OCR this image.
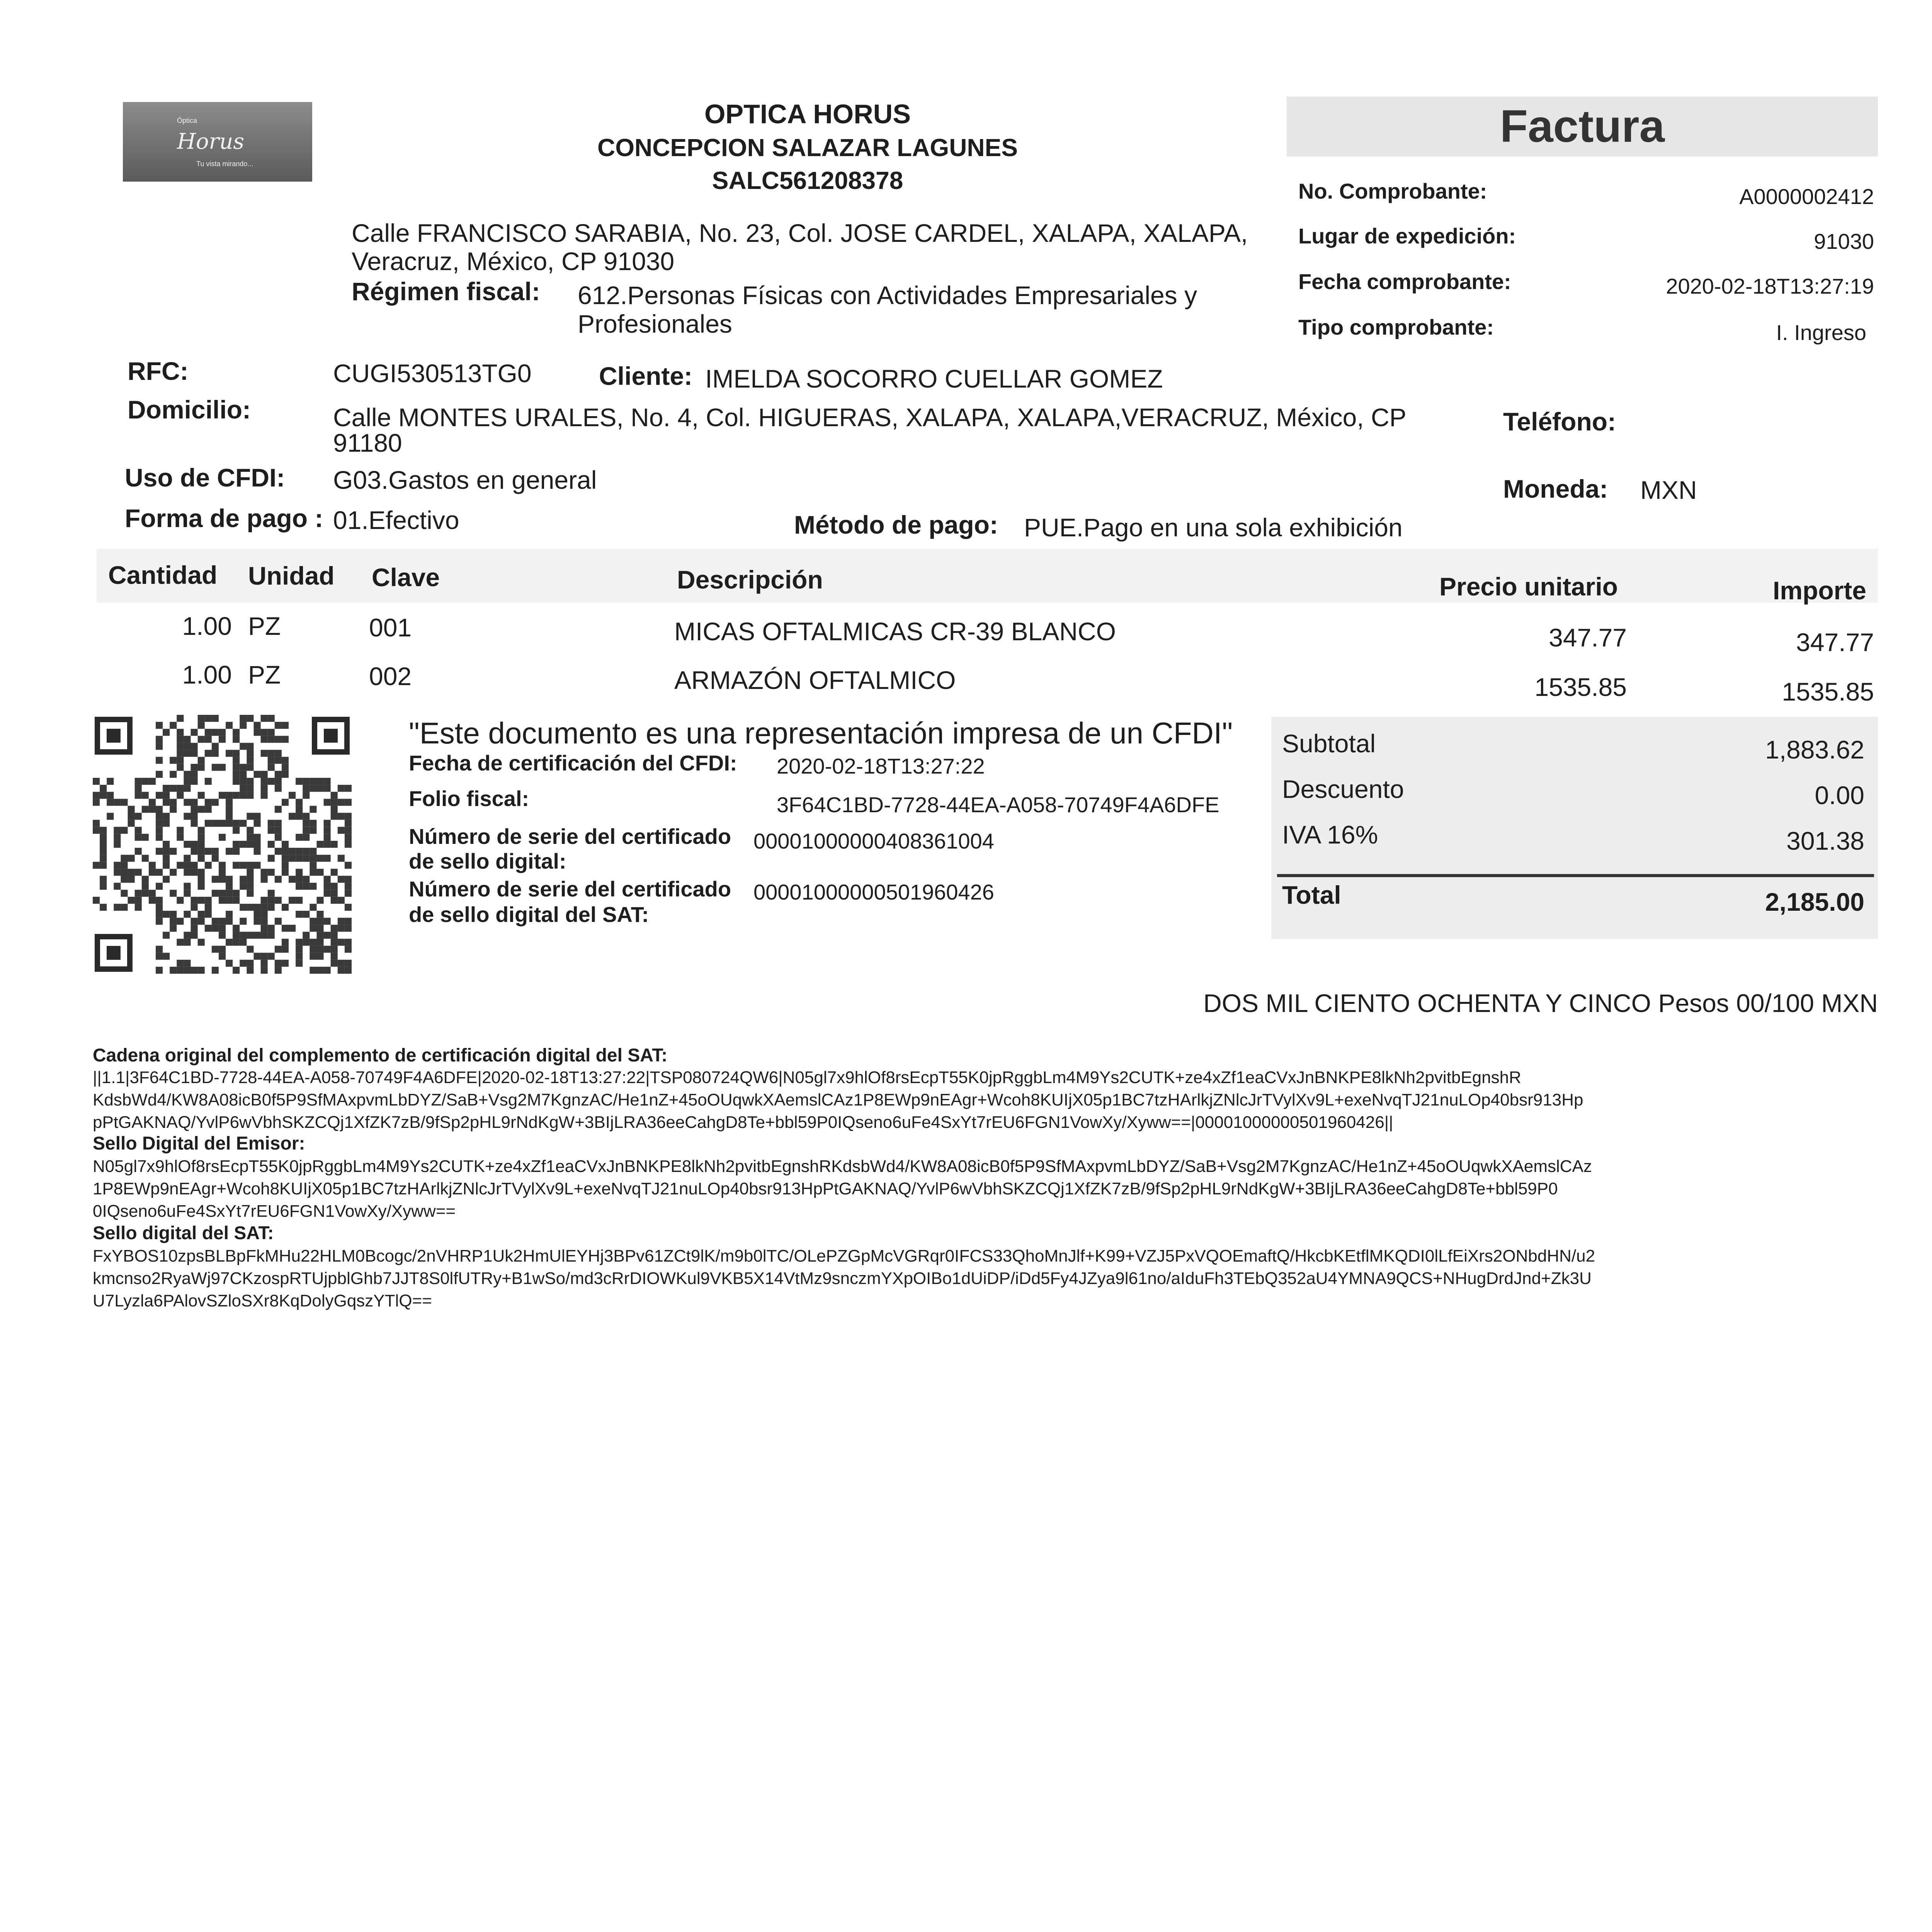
Óptica
Horus
Tu vista mirando...
OPTICA HORUS
CONCEPCION SALAZAR LAGUNES
SALC561208378
Calle FRANCISCO SARABIA, No. 23, Col. JOSE CARDEL, XALAPA, XALAPA,
Veracruz, México, CP 91030
Régimen fiscal: 612.Personas Físicas con Actividades Empresariales y
Profesionales
Factura
No. Comprobante:	A0000002412
Lugar de expedición:	91030
Fecha comprobante:	2020-02-18T13:27:19
Tipo comprobante:	I. Ingreso
RFC:	CUGI530513TG0	Cliente: IMELDA SOCORRO CUELLAR GOMEZ
Domicilio:	Calle MONTES URALES, No. 4, Col. HIGUERAS, XALAPA, XALAPA,VERACRUZ, México, CP
91180
Teléfono:
Uso de CFDI: G03.Gastos en general	Moneda: MXN
Forma de pago : 01.Efectivo	Método de pago: PUE.Pago en una sola exhibición
Cantidad Unidad Clave	Descripción	Precio unitario	Importe
1.00 PZ	001	MICAS OFTALMICAS CR-39 BLANCO	347.77	347.77
1.00 PZ	002	ARMAZÓN OFTALMICO	1535.85	1535.85
"Este documento es una representación impresa de un CFDI"
Fecha de certificación del CFDI: 2020-02-18T13:27:22
Folio fiscal:	3F64C1BD-7728-44EA-A058-70749F4A6DFE
Número de serie del certificado
de sello digital:
00001000000408361004
Número de serie del certificado
de sello digital del SAT:
00001000000501960426
Subtotal	1,883.62
Descuento	0.00
IVA 16%	301.38
Total	2,185.00
DOS MIL CIENTO OCHENTA Y CINCO Pesos 00/100 MXN
Cadena original del complemento de certificación digital del SAT:
||1.1|3F64C1BD-7728-44EA-A058-70749F4A6DFE|2020-02-18T13:27:22|TSP080724QW6|N05gl7x9hlOf8rsEcpT55K0jpRggbLm4M9Ys2CUTK+ze4xZf1eaCVxJnBNKPE8lkNh2pvitbEgnshR
KdsbWd4/KW8A08icB0f5P9SfMAxpvmLbDYZ/SaB+Vsg2M7KgnzAC/He1nZ+45oOUqwkXAemslCAz1P8EWp9nEAgr+Wcoh8KUIjX05p1BC7tzHArlkjZNlcJrTVylXv9L+exeNvqTJ21nuLOp40bsr913Hp
pPtGAKNAQ/YvlP6wVbhSKZCQj1XfZK7zB/9fSp2pHL9rNdKgW+3BIjLRA36eeCahgD8Te+bbl59P0IQseno6uFe4SxYt7rEU6FGN1VowXy/Xyww==|00001000000501960426||
Sello Digital del Emisor:
N05gl7x9hlOf8rsEcpT55K0jpRggbLm4M9Ys2CUTK+ze4xZf1eaCVxJnBNKPE8lkNh2pvitbEgnshRKdsbWd4/KW8A08icB0f5P9SfMAxpvmLbDYZ/SaB+Vsg2M7KgnzAC/He1nZ+45oOUqwkXAemslCAz
1P8EWp9nEAgr+Wcoh8KUIjX05p1BC7tzHArlkjZNlcJrTVylXv9L+exeNvqTJ21nuLOp40bsr913HpPtGAKNAQ/YvlP6wVbhSKZCQj1XfZK7zB/9fSp2pHL9rNdKgW+3BIjLRA36eeCahgD8Te+bbl59P0
0IQseno6uFe4SxYt7rEU6FGN1VowXy/Xyww==
Sello digital del SAT:
FxYBOS10zpsBLBpFkMHu22HLM0Bcogc/2nVHRP1Uk2HmUlEYHj3BPv61ZCt9lK/m9b0lTC/OLePZGpMcVGRqr0IFCS33QhoMnJlf+K99+VZJ5PxVQOEmaftQ/HkcbKEtflMKQDI0lLfEiXrs2ONbdHN/u2
kmcnso2RyaWj97CKzospRTUjpblGhb7JJT8S0lfUTRy+B1wSo/md3cRrDIOWKul9VKB5X14VtMz9snczmYXpOIBo1dUiDP/iDd5Fy4JZya9l61no/aIduFh3TEbQ352aU4YMNA9QCS+NHugDrdJnd+Zk3U
U7Lyzla6PAlovSZloSXr8KqDolyGqszYTlQ==
